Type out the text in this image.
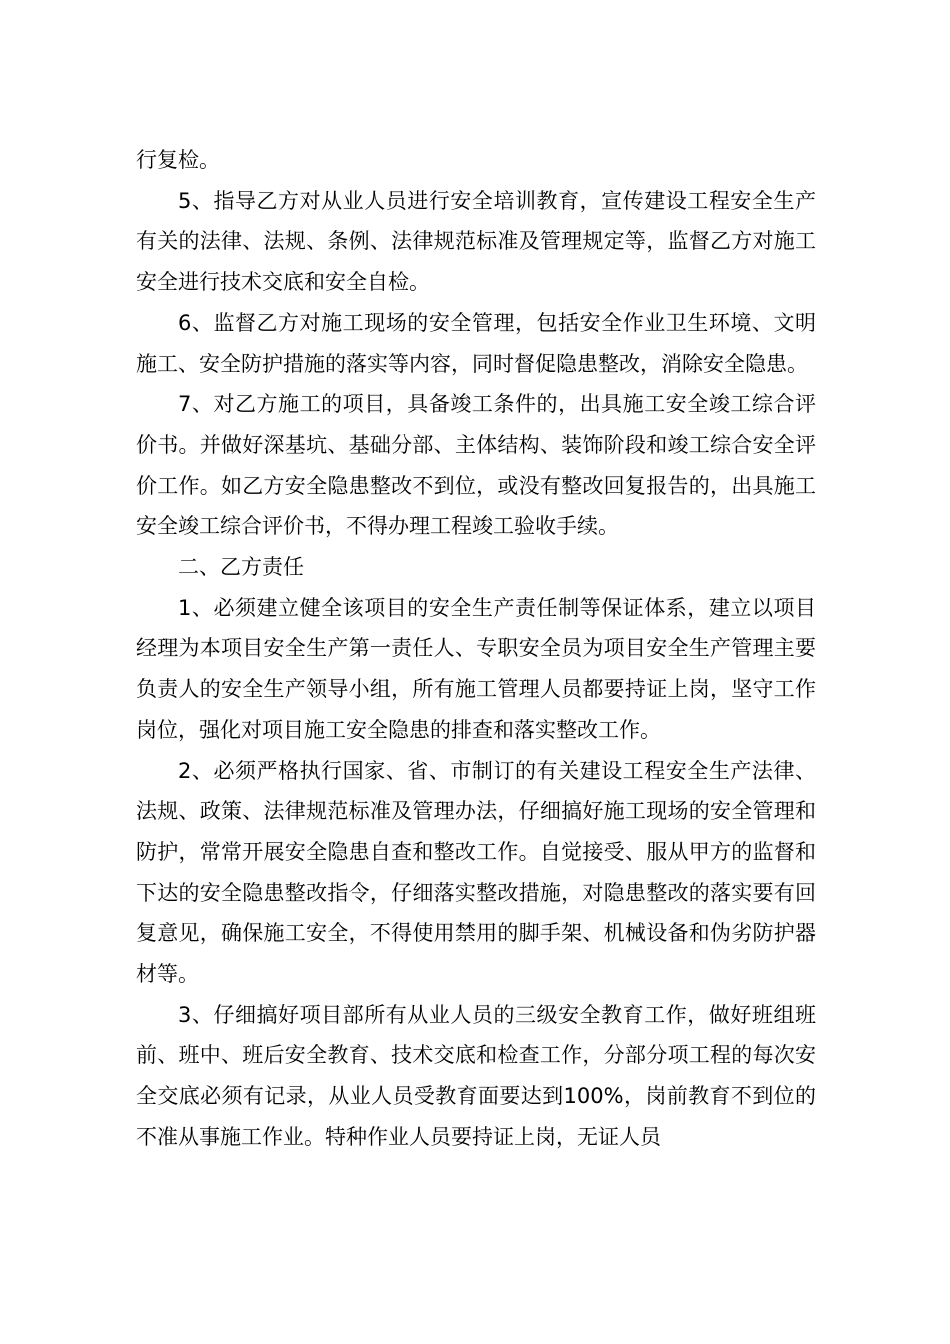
行复检。

5、指导乙方对从业人员进行安全培训教育，宣传建设工程安全生产有关的法律、法规、条例、法律规范标准及管理规定等，监督乙方对施工安全进行技术交底和安全自检。

6、监督乙方对施工现场的安全管理，包括安全作业卫生环境、文明施工、安全防护措施的落实等内容，同时督促隐患整改，消除安全隐患。

7、对乙方施工的项目，具备竣工条件的，出具施工安全竣工综合评价书。并做好深基坑、基础分部、主体结构、装饰阶段和竣工综合安全评价工作。如乙方安全隐患整改不到位，或没有整改回复报告的，出具施工安全竣工综合评价书，不得办理工程竣工验收手续。

二、乙方责任

1、必须建立健全该项目的安全生产责任制等保证体系，建立以项目经理为本项目安全生产第一责任人、专职安全员为项目安全生产管理主要负责人的安全生产领导小组，所有施工管理人员都要持证上岗，坚守工作岗位，强化对项目施工安全隐患的排查和落实整改工作。

2、必须严格执行国家、省、市制订的有关建设工程安全生产法律、法规、政策、法律规范标准及管理办法，仔细搞好施工现场的安全管理和防护，常常开展安全隐患自查和整改工作。自觉接受、服从甲方的监督和下达的安全隐患整改指令，仔细落实整改措施，对隐患整改的落实要有回复意见，确保施工安全，不得使用禁用的脚手架、机械设备和伪劣防护器材等。

3、仔细搞好项目部所有从业人员的三级安全教育工作，做好班组班前、班中、班后安全教育、技术交底和检查工作，分部分项工程的每次安全交底必须有记录，从业人员受教育面要达到100%，岗前教育不到位的不准从事施工作业。特种作业人员要持证上岗，无证人员
